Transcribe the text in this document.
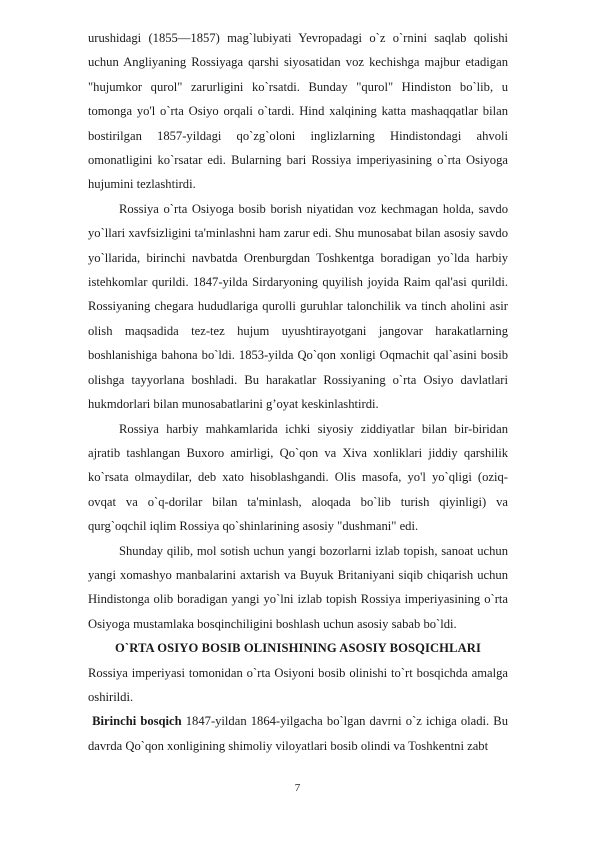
urushidagi (1855—1857) mag`lubiyati Yevropadagi o`z o`rnini saqlab qolishi uchun Angliyaning Rossiyaga qarshi siyosatidan voz kechishga majbur etadigan "hujumkor qurol" zarurligini ko`rsatdi. Bunday "qurol" Hindiston bo`lib, u tomonga yo'l o`rta Osiyo orqali o`tardi. Hind xalqining katta mashaqqatlar bilan bostirilgan 1857-yildagi qo`zg`oloni inglizlarning Hindistondagi ahvoli omonatligini ko`rsatar edi. Bularning bari Rossiya imperiyasining o`rta Osiyoga hujumini tezlashtirdi.

Rossiya o`rta Osiyoga bosib borish niyatidan voz kechmagan holda, savdo yo`llari xavfsizligini ta'minlashni ham zarur edi. Shu munosabat bilan asosiy savdo yo`llarida, birinchi navbatda Orenburgdan Toshkentga boradigan yo`lda harbiy istehkomlar qurildi. 1847-yilda Sirdaryoning quyilish joyida Raim qal'asi qurildi. Rossiyaning chegara hududlariga qurolli guruhlar talonchilik va tinch aholini asir olish maqsadida tez-tez hujum uyushtirayotgani jangovar harakatlarning boshlanishiga bahona bo`ldi. 1853-yilda Qo`qon xonligi Oqmachit qal`asini bosib olishga tayyorlana boshladi. Bu harakatlar Rossiyaning o`rta Osiyo davlatlari hukmdorlari bilan munosabatlarini g’oyat keskinlashtirdi.

Rossiya harbiy mahkamlarida ichki siyosiy ziddiyatlar bilan bir-biridan ajratib tashlangan Buxoro amirligi, Qo`qon va Xiva xonliklari jiddiy qarshilik ko`rsata olmaydilar, deb xato hisoblashgandi. Olis masofa, yo'l yo`qligi (oziq-ovqat va o`q-dorilar bilan ta'minlash, aloqada bo`lib turish qiyinligi) va qurg`oqchil iqlim Rossiya qo`shinlarining asosiy "dushmani" edi.

Shunday qilib, mol sotish uchun yangi bozorlarni izlab topish, sanoat uchun yangi xomashyo manbalarini axtarish va Buyuk Britaniyani siqib chiqarish uchun Hindistonga olib boradigan yangi yo`lni izlab topish Rossiya imperiyasining o`rta Osiyoga mustamlaka bosqinchiligini boshlash uchun asosiy sabab bo`ldi.

O`RTA OSIYO BOSIB OLINISHINING ASOSIY BOSQICHLARI

Rossiya imperiyasi tomonidan o`rta Osiyoni bosib olinishi to`rt bosqichda amalga oshirildi.

Birinchi bosqich 1847-yildan 1864-yilgacha bo`lgan davrni o`z ichiga oladi. Bu davrda Qo`qon xonligining shimoliy viloyatlari bosib olindi va Toshkentni zabt

7
